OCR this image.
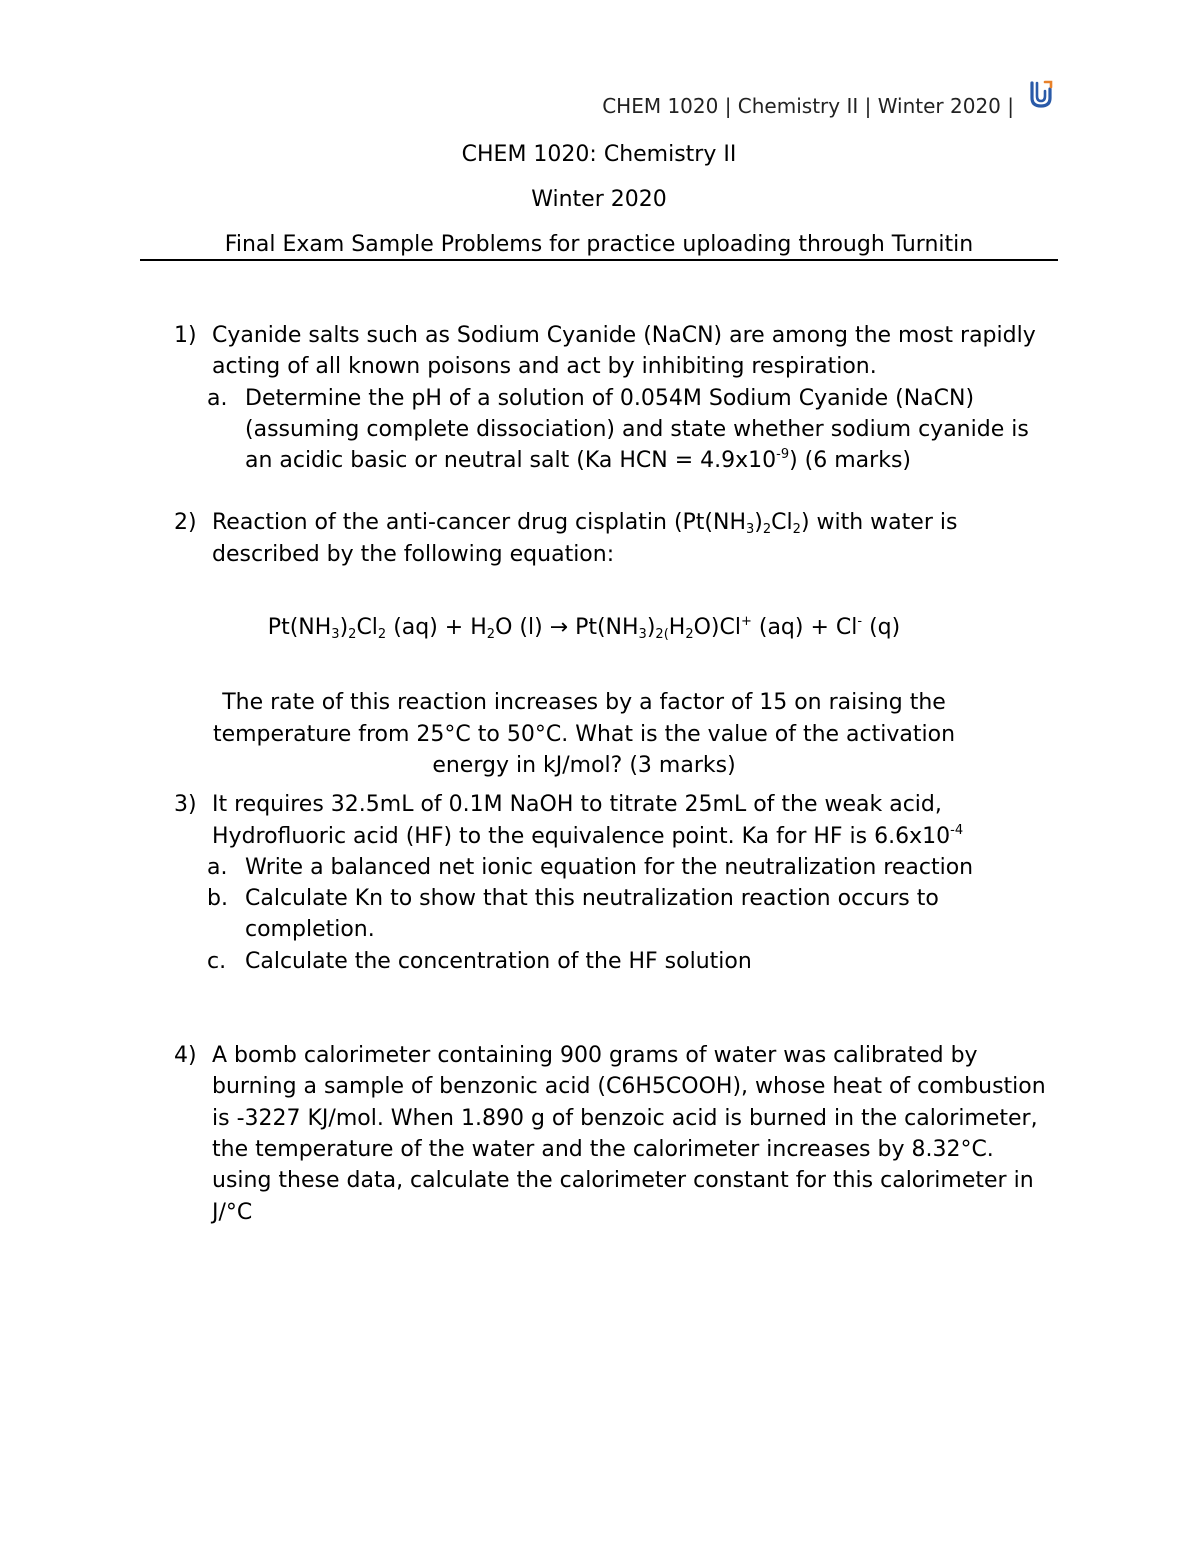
CHEM 1020 | Chemistry II | Winter 2020 |
CHEM 1020: Chemistry II
Winter 2020
Final Exam Sample Problems for practice uploading through Turnitin
1) Cyanide salts such as Sodium Cyanide (NaCN) are among the most rapidly acting of all known poisons and act by inhibiting respiration.
a. Determine the pH of a solution of 0.054M Sodium Cyanide (NaCN) (assuming complete dissociation) and state whether sodium cyanide is an acidic basic or neutral salt (Ka HCN = $4.9x10^{-9}$) (6 marks)
2) Reaction of the anti-cancer drug cisplatin $(Pt(NH_3)_2Cl_2)$ with water is described by the following equation:
$Pt(NH_3)_2Cl_2$ $(aq) + H_2O$ $(l) \to Pt(NH_3)_{2(}H_2O)Cl^+$ (aq) + Cl- (q)
The rate of this reaction increases by a factor of 15 on raising the temperature from 25°C to 50°C. What is the value of the activation energy in kJ/mol? (3 marks)
3) It requires 32.5mL of 0.1M NaOH to titrate 25mL of the weak acid, Hydrofluoric acid (HF) to the equivalence point. Ka for HF is $6.6x10^{-4}$
a. Write a balanced net ionic equation for the neutralization reaction
b. Calculate Kn to show that this neutralization reaction occurs to completion.
c. Calculate the concentration of the HF solution
4) A bomb calorimeter containing 900 grams of water was calibrated by burning a sample of benzonic acid (C6H5COOH), whose heat of combustion is -3227 KJ/mol. When 1.890 g of benzoic acid is burned in the calorimeter, the temperature of the water and the calorimeter increases by 8.32°C. using these data, calculate the calorimeter constant for this calorimeter in J/°C
